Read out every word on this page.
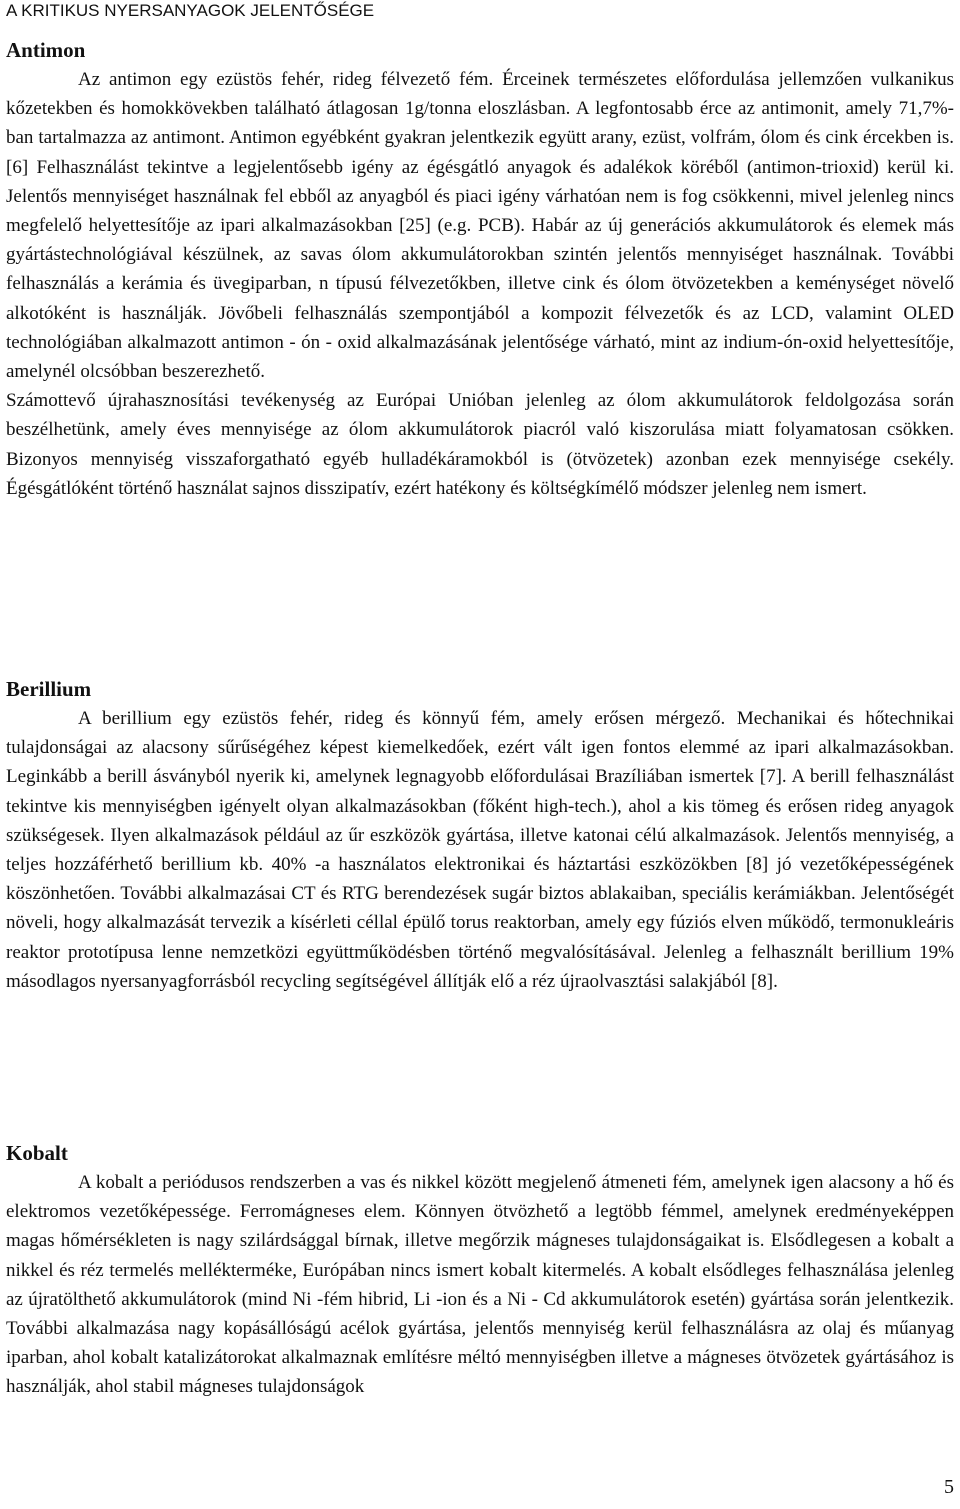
A KRITIKUS NYERSANYAGOK JELENTŐSÉGE
Antimon

Az antimon egy ezüstös fehér, rideg félvezető fém. Érceinek természetes előfordulása jellemzően vulkanikus kőzetekben és homokkövekben található átlagosan 1g/tonna eloszlásban. A legfontosabb érce az antimonit, amely 71,7%-ban tartalmazza az antimont. Antimon egyébként gyakran jelentkezik együtt arany, ezüst, volfrám, ólom és cink ércekben is. [6] Felhasználást tekintve a legjelentősebb igény az égésgátló anyagok és adalékok köréből (antimon-trioxid) kerül ki. Jelentős mennyiséget használnak fel ebből az anyagból és piaci igény várhatóan nem is fog csökkenni, mivel jelenleg nincs megfelelő helyettesítője az ipari alkalmazásokban [25] (e.g. PCB). Habár az új generációs akkumulátorok és elemek más gyártástechnológiával készülnek, az savas ólom akkumulátorokban szintén jelentős mennyiséget használnak. További felhasználás a kerámia és üvegiparban, n típusú félvezetőkben, illetve cink és ólom ötvözetekben a keménységet növelő alkotóként is használják. Jövőbeli felhasználás szempontjából a kompozit félvezetők és az LCD, valamint OLED technológiában alkalmazott antimon - ón - oxid alkalmazásának jelentősége várható, mint az indium-ón-oxid helyettesítője, amelynél olcsóbban beszerezhető.

Számottevő újrahasznosítási tevékenység az Európai Unióban jelenleg az ólom akkumulátorok feldolgozása során beszélhetünk, amely éves mennyisége az ólom akkumulátorok piacról való kiszorulása miatt folyamatosan csökken. Bizonyos mennyiség visszaforgatható egyéb hulladékáramokból is (ötvözetek) azonban ezek mennyisége csekély. Égésgátlóként történő használat sajnos disszipatív, ezért hatékony és költségkímélő módszer jelenleg nem ismert.

Berillium

A berillium egy ezüstös fehér, rideg és könnyű fém, amely erősen mérgező. Mechanikai és hőtechnikai tulajdonságai az alacsony sűrűségéhez képest kiemelkedőek, ezért vált igen fontos elemmé az ipari alkalmazásokban. Leginkább a berill ásványból nyerik ki, amelynek legnagyobb előfordulásai Brazíliában ismertek [7]. A berill felhasználást tekintve kis mennyiségben igényelt olyan alkalmazásokban (főként high-tech.), ahol a kis tömeg és erősen rideg anyagok szükségesek. Ilyen alkalmazások például az űr eszközök gyártása, illetve katonai célú alkalmazások. Jelentős mennyiség, a teljes hozzáférhető berillium kb. 40% -a használatos elektronikai és háztartási eszközökben [8] jó vezetőképességének köszönhetően. További alkalmazásai CT és RTG berendezések sugár biztos ablakaiban, speciális kerámiákban. Jelentőségét növeli, hogy alkalmazását tervezik a kísérleti céllal épülő torus reaktorban, amely egy fúziós elven működő, termonukleáris reaktor prototípusa lenne nemzetközi együttműködésben történő megvalósításával. Jelenleg a felhasznált berillium 19% másodlagos nyersanyagforrásból recycling segítségével állítják elő a réz újraolvasztási salakjából [8].

Kobalt

A kobalt a periódusos rendszerben a vas és nikkel között megjelenő átmeneti fém, amelynek igen alacsony a hő és elektromos vezetőképessége. Ferromágneses elem. Könnyen ötvözhető a legtöbb fémmel, amelynek eredményeképpen magas hőmérsékleten is nagy szilárdsággal bírnak, illetve megőrzik mágneses tulajdonságaikat is. Elsődlegesen a kobalt a nikkel és réz termelés mellékterméke, Európában nincs ismert kobalt kitermelés. A kobalt elsődleges felhasználása jelenleg az újratölthető akkumulátorok (mind Ni -fém hibrid, Li -ion és a Ni - Cd akkumulátorok esetén) gyártása során jelentkezik. További alkalmazása nagy kopásállóságú acélok gyártása, jelentős mennyiség kerül felhasználásra az olaj és műanyag iparban, ahol kobalt katalizátorokat alkalmaznak említésre méltó mennyiségben illetve a mágneses ötvözetek gyártásához is használják, ahol stabil mágneses tulajdonságok

5
